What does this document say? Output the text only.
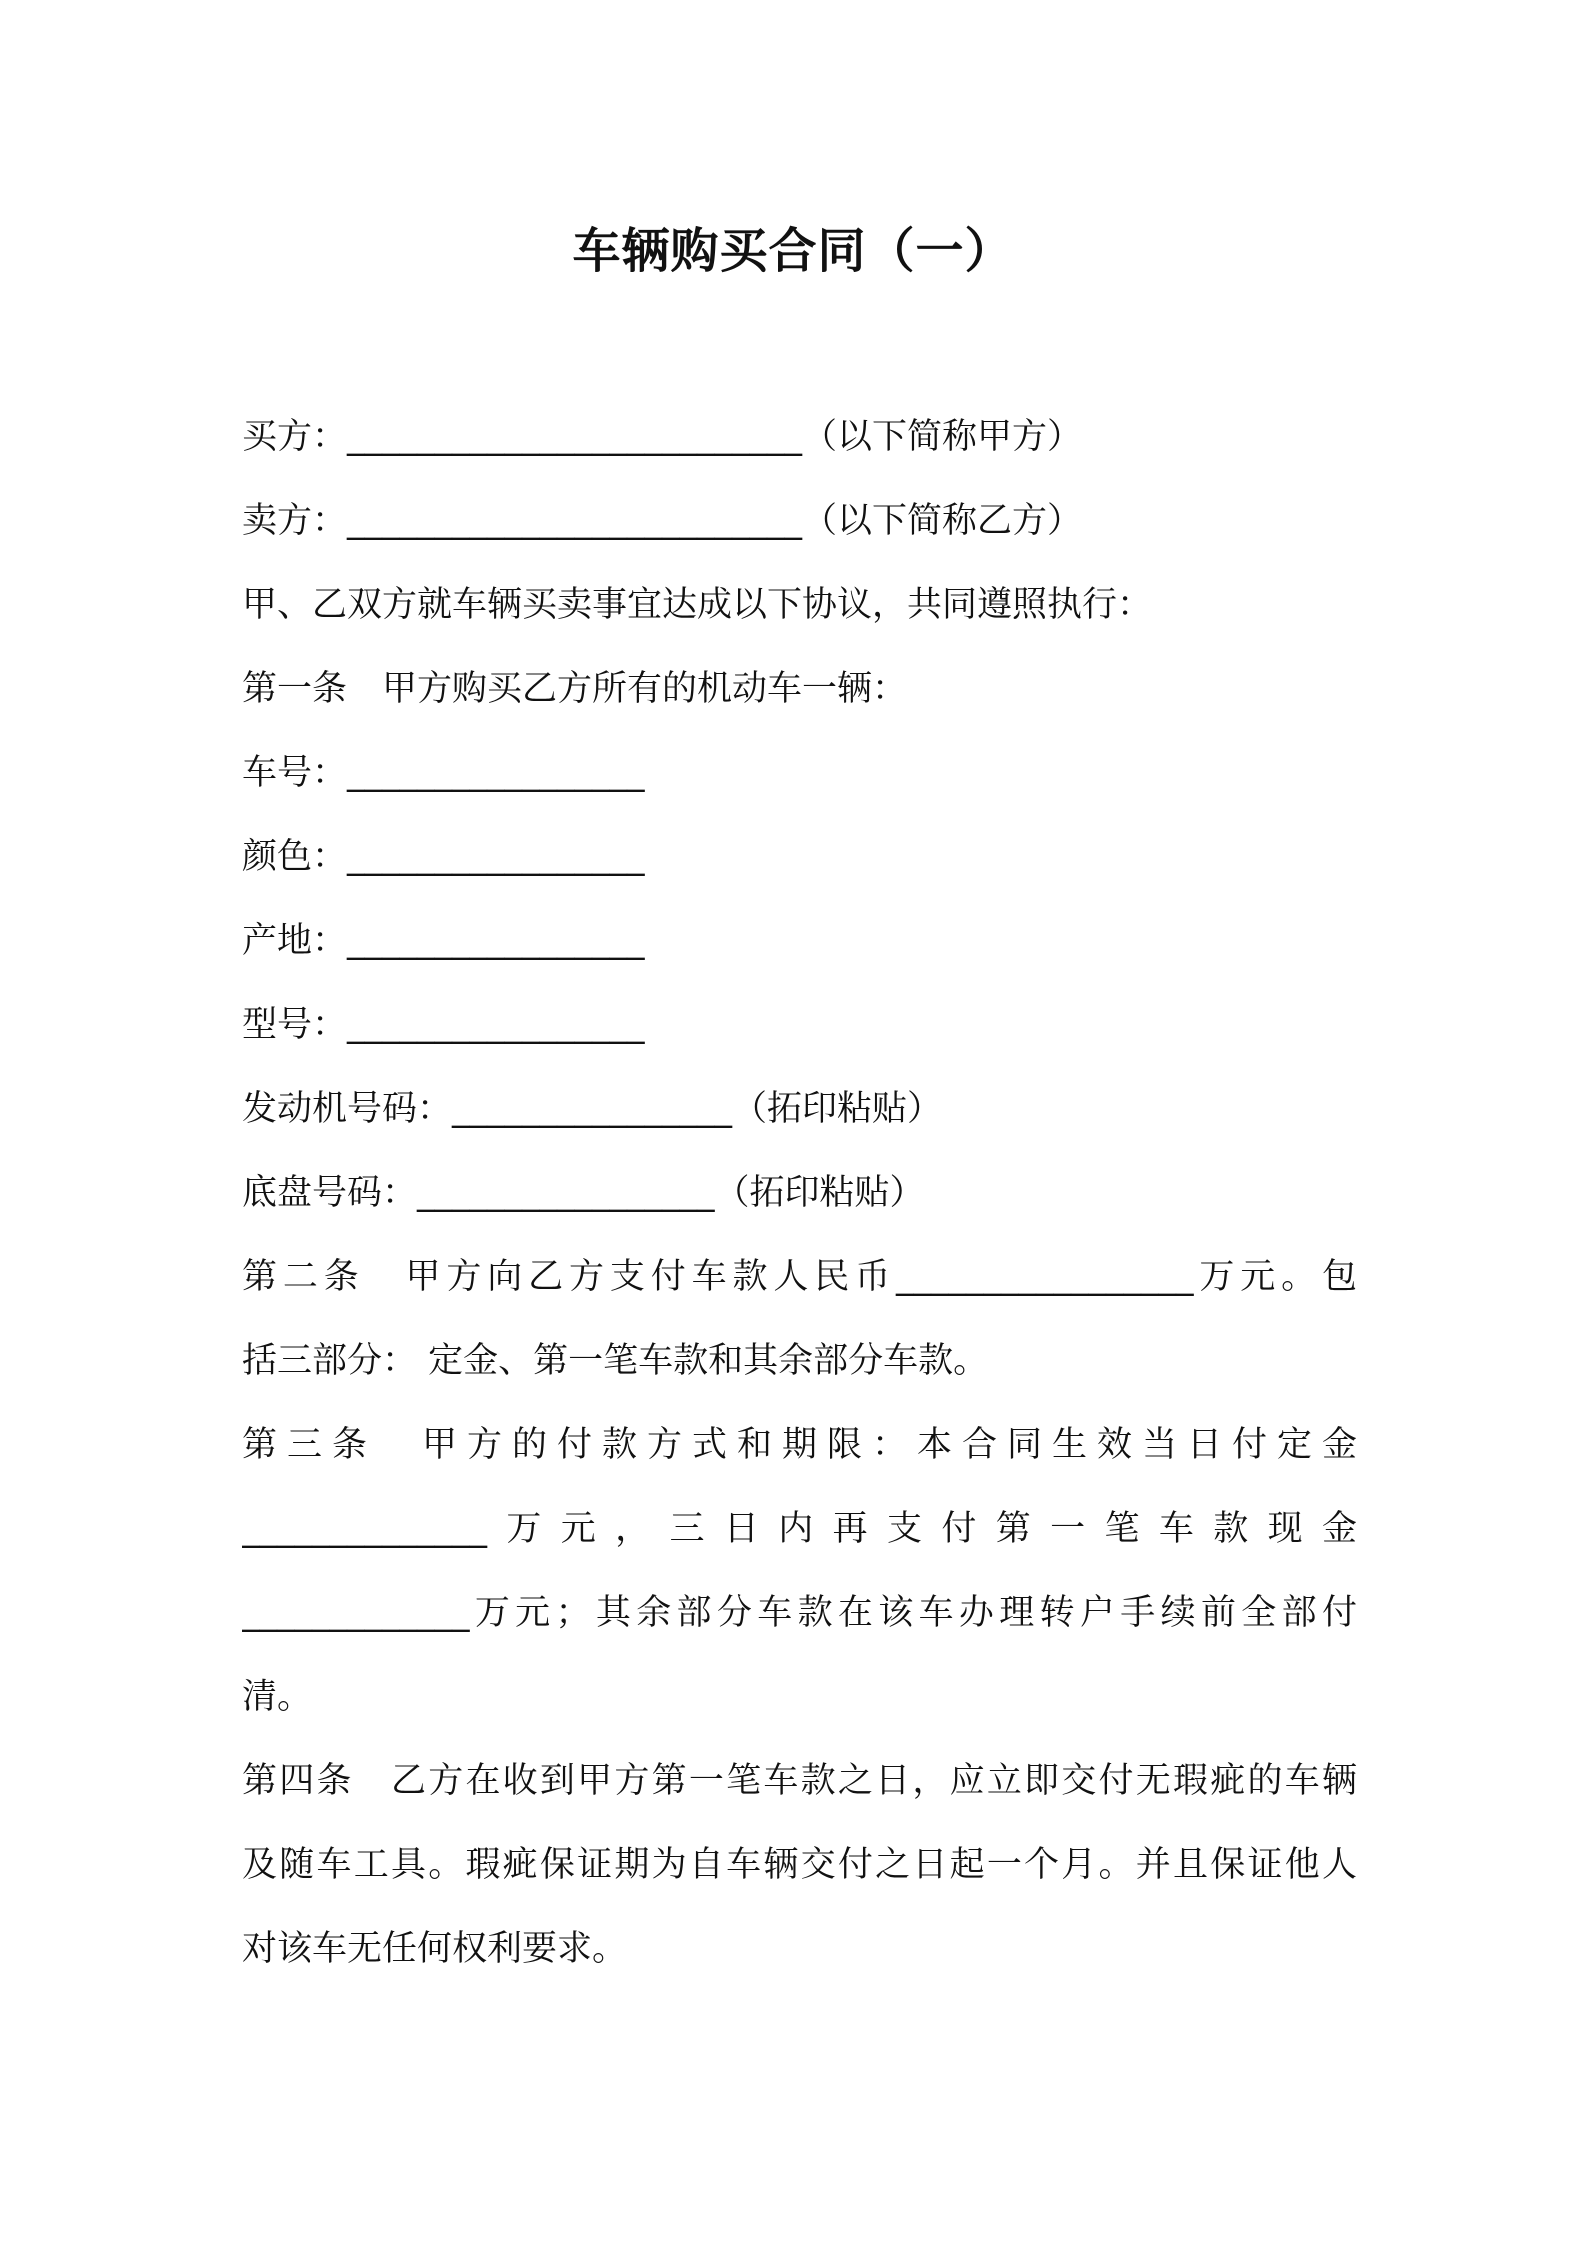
车辆购买合同（一）
买方：__________________________（以下简称甲方）
卖方：__________________________（以下简称乙方）
甲、乙双方就车辆买卖事宜达成以下协议，共同遵照执行：
第一条　甲方购买乙方所有的机动车一辆：
车号：_________________
颜色：_________________
产地：_________________
型号：_________________
发动机号码：________________（拓印粘贴）
底盘号码：_________________（拓印粘贴）
第二条　甲方向乙方支付车款人民币_________________万元。包
括三部分： 定金、第一笔车款和其余部分车款。
第三条　甲方的付款方式和期限：本合同生效当日付定金
______________万元，三日内再支付第一笔车款现金
_____________万元；其余部分车款在该车办理转户手续前全部付
清。
第四条　乙方在收到甲方第一笔车款之日，应立即交付无瑕疵的车辆
及随车工具。瑕疵保证期为自车辆交付之日起一个月。并且保证他人
对该车无任何权利要求。
